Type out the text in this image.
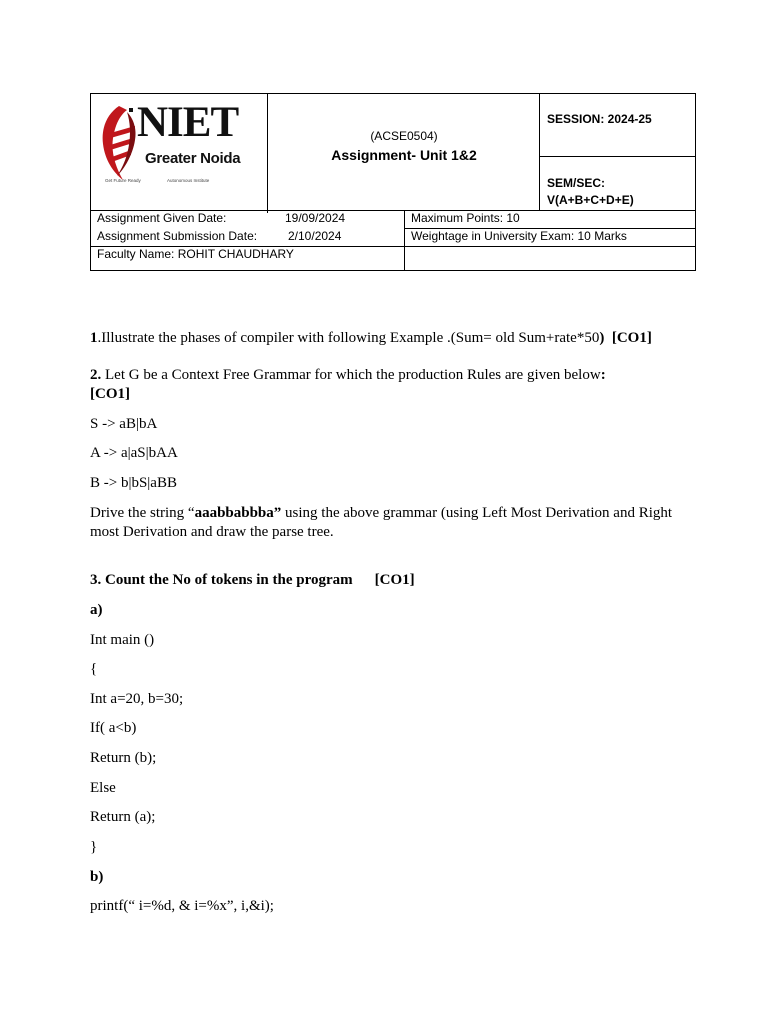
NIET
Greater Noida
Get Future Ready	Autonomous Institute
(ACSE0504)
Assignment- Unit 1&2
SESSION: 2024-25
SEM/SEC:
V(A+B+C+D+E)
Assignment Given Date:	19/09/2024
Assignment Submission Date:	2/10/2024
Maximum Points: 10
Weightage in University Exam: 10 Marks
Faculty Name: ROHIT CHAUDHARY
1.Illustrate the phases of compiler with following Example .(Sum= old Sum+rate*50) [CO1]
2. Let G be a Context Free Grammar for which the production Rules are given below:
[CO1]
S -> aB|bA
A -> a|aS|bAA
B -> b|bS|aBB
Drive the string “aaabbabbba” using the above grammar (using Left Most Derivation and Right most Derivation and draw the parse tree.
3. Count the No of tokens in the program [CO1]
a)
Int main ()
{
Int a=20, b=30;
If( a<b)
Return (b);
Else
Return (a);
}
b)
printf(“ i=%d, & i=%x”, i,&i);
